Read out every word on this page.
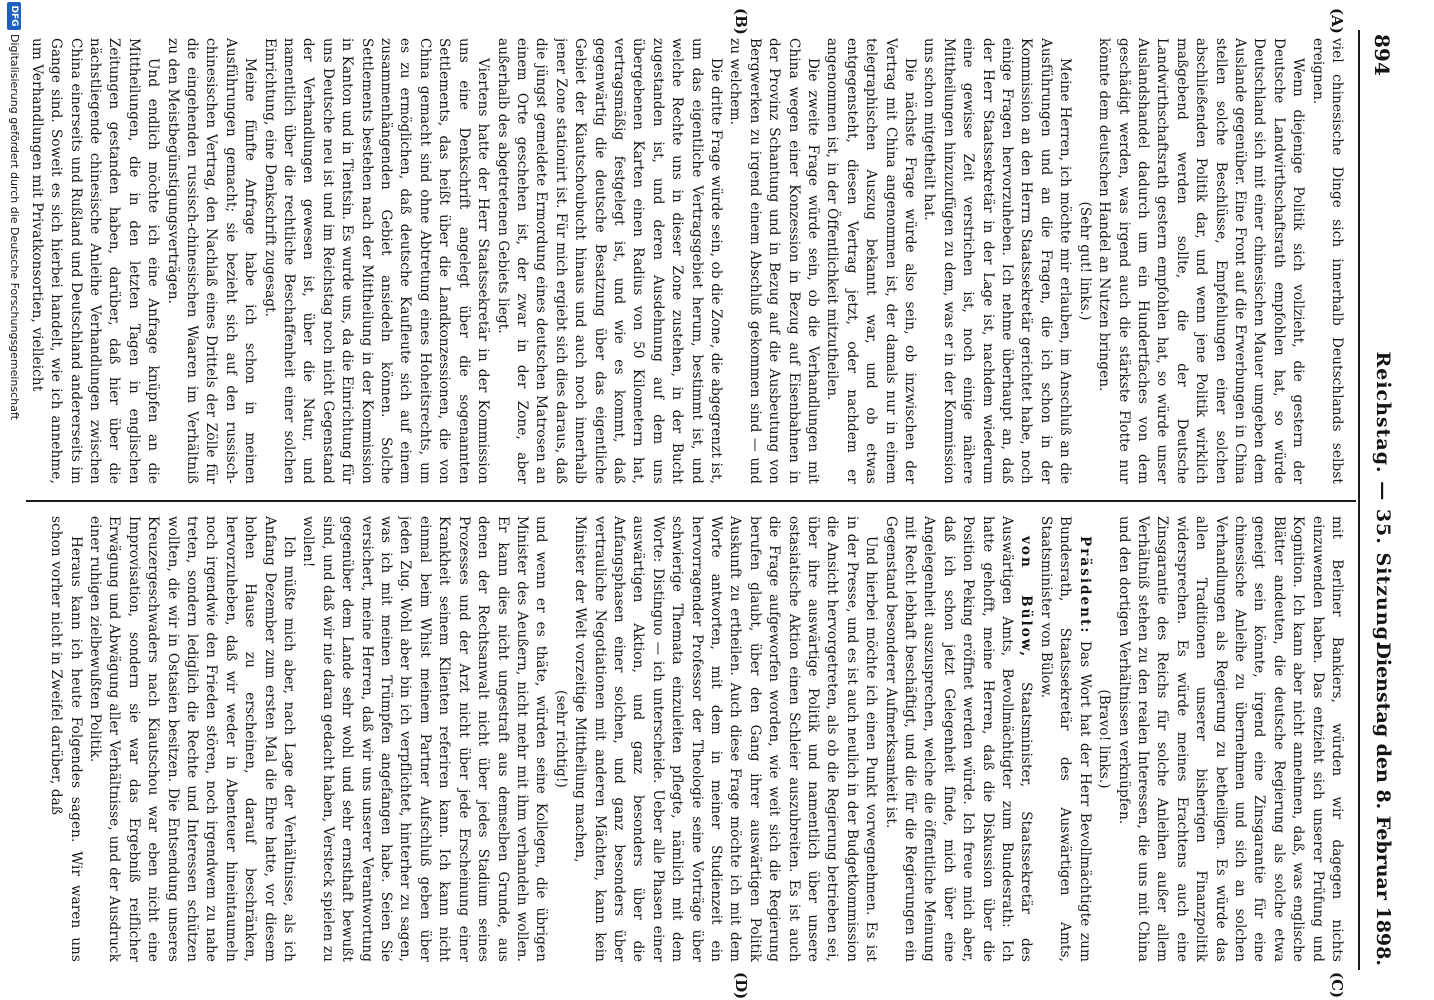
894
Reichstag. — 35. Sitzung.
Dienstag den 8. Februar 1898.
(A)
(B)
(C)
(D)

viel chinesische Dinge sich innerhalb Deutschlands selbst ereignen.

Wenn diejenige Politik sich vollzieht, die gestern der Deutsche Landwirthschaftsrath empfohlen hat, so würde Deutschland sich mit einer chinesischen Mauer umgeben dem Auslande gegenüber. Eine Front auf die Erwerbungen in China stellen solche Beschlüsse, Empfehlungen einer solchen abschließenden Politik dar, und wenn jene Politik wirklich maßgebend werden sollte, die der Deutsche Landwirthschaftsrath gestern empfohlen hat, so würde unser Auslandshandel dadurch um ein Hundertfaches von dem geschädigt werden, was irgend auch die stärkste Flotte nur könnte dem deutschen Handel an Nutzen bringen.

(Sehr gut! links.)

Meine Herren, ich möchte mir erlauben, im Anschluß an die Ausführungen und an die Fragen, die ich schon in der Kommission an den Herrn Staatssekretär gerichtet habe, noch einige Fragen hervorzuheben. Ich nehme überhaupt an, daß der Herr Staatssekretär in der Lage ist, nachdem wiederum eine gewisse Zeit verstrichen ist, noch einige nähere Mittheilungen hinzuzufügen zu dem, was er in der Kommission uns schon mitgetheilt hat.

Die nächste Frage würde also sein, ob inzwischen der Vertrag mit China angenommen ist, der damals nur in einem telegraphischen Auszug bekannt war, und ob etwas entgegensteht, diesen Vertrag jetzt, oder nachdem er angenommen ist, in der Öffentlichkeit mitzutheilen.

Die zweite Frage würde sein, ob die Verhandlungen mit China wegen einer Konzession in Bezug auf Eisenbahnen in der Provinz Schantung und in Bezug auf die Ausbeutung von Bergwerken zu irgend einem Abschluß gekommen sind — und zu welchem.

Die dritte Frage würde sein, ob die Zone, die abgegrenzt ist, um das eigentliche Vertragsgebiet herum, bestimmt ist, und welche Rechte uns in dieser Zone zustehen, in der Bucht zugestanden ist, und deren Ausdehnung auf dem uns übergebenen Karten einen Radius von 50 Kilometern hat, vertragsmäßig festgelegt ist, und wie es kommt, daß gegenwärtig die deutsche Besatzung über das eigentliche Gebiet der Kiautschoubucht hinaus und auch noch innerhalb jener Zone stationirt ist. Für mich ergiebt sich dies daraus, daß die jüngst gemeldete Ermordung eines deutschen Matrosen an einem Orte geschehen ist, der zwar in der Zone, aber außerhalb des abgetretenen Gebiets liegt.

Viertens hatte der Herr Staatssekretär in der Kommission uns eine Denkschrift angelegt über die sogenannten Settlements, das heißt über die Landkonzessionen, die von China gemacht sind ohne Abtretung eines Hoheitsrechts, um es zu ermöglichen, daß deutsche Kaufleute sich auf einem zusammenhängenden Gebiet ansiedeln können. Solche Settlements bestehen nach der Mittheilung in der Kommission in Kanton und in Tientsin. Es wurde uns, da die Einrichtung für uns Deutsche neu ist und im Reichstag noch nicht Gegenstand der Verhandlungen gewesen ist, über die Natur, und namentlich über die rechtliche Beschaffenheit einer solchen Einrichtung, eine Denkschrift zugesagt.

Meine fünfte Anfrage habe ich schon in meinen Ausführungen gemacht; sie bezieht sich auf den russisch-chinesischen Vertrag, den Nachlaß eines Drittels der Zölle für die eingehenden russisch-chinesischen Waaren im Verhältniß zu den Meistbegünstigungsverträgen.

Und endlich möchte ich eine Anfrage knüpfen an die Mittheilungen, die in den letzten Tagen in englischen Zeitungen gestanden haben, darüber, daß hier über die nächstliegende chinesische Anleihe Verhandlungen zwischen China einerseits und Rußland und Deutschland andererseits im Gange sind. Soweit es sich hierbei handelt, wie ich annehme, um Verhandlungen mit Privatkonsortien, vielleicht

mit Berliner Bankiers, würden wir dagegen nichts einzuwenden haben. Das entzieht sich unserer Prüfung und Kognition. Ich kann aber nicht annehmen, daß, was englische Blätter andeuten, die deutsche Regierung als solche etwa geneigt sein könnte, irgend eine Zinsgarantie für eine chinesische Anleihe zu übernehmen und sich an solchen Verhandlungen als Regierung zu betheiligen. Es würde das allen Traditionen unserer bisherigen Finanzpolitik widersprechen. Es würde meines Erachtens auch eine Zinsgarantie des Reichs für solche Anleihen außer allem Verhältniß stehen zu den realen Interessen, die uns mit China und den dortigen Verhältnissen verknüpfen.

(Bravo! links.)

Präsident: Das Wort hat der Herr Bevollmächtigte zum Bundesrath, Staatssekretär des Auswärtigen Amts, Staatsminister von Bülow.

von Bülow, Staatsminister, Staatssekretär des Auswärtigen Amts, Bevollmächtigter zum Bundesrath: Ich hatte gehofft, meine Herren, daß die Diskussion über die Position Peking eröffnet werden würde. Ich freue mich aber, daß ich schon jetzt Gelegenheit finde, mich über eine Angelegenheit auszusprechen, welche die öffentliche Meinung mit Recht lebhaft beschäftigt, und die für die Regierungen ein Gegenstand besonderer Aufmerksamkeit ist.

Und hierbei möchte ich einen Punkt vorwegnehmen. Es ist in der Presse, und es ist auch neulich in der Budgetkommission die Ansicht hervorgetreten, als ob die Regierung betrieben sei, über ihre auswärtige Politik und namentlich über unsere ostasiatische Aktion einen Schleier auszubreiten. Es ist auch die Frage aufgeworfen worden, wie weit sich die Regierung berufen glaubt, über den Gang ihrer auswärtigen Politik Auskunft zu ertheilen. Auch diese Frage möchte ich mit dem Worte antworten, mit dem in meiner Studienzeit ein hervorragender Professor der Theologie seine Vorträge über schwierige Themata einzuleiten pflegte, nämlich mit dem Worte: Distinguo — ich unterscheide. Ueber alle Phasen einer auswärtigen Aktion, und ganz besonders über die Anfangsphasen einer solchen, und ganz besonders über vertrauliche Negotiationen mit anderen Mächten, kann kein Minister der Welt vorzeitige Mittheilung machen,

(sehr richtig!)

und wenn er es thäte, würden seine Kollegen, die übrigen Minister des Aeußern, nicht mehr mit ihm verhandeln wollen. Er kann dies nicht ungestraft aus demselben Grunde, aus denen der Rechtsanwalt nicht über jedes Stadium seines Prozesses und der Arzt nicht über jede Erscheinung einer Krankheit seinem Klienten referiren kann. Ich kann nicht einmal beim Whist meinem Partner Aufschluß geben über jeden Zug. Wohl aber bin ich verpflichtet, hinterher zu sagen, was ich mit meinen Trümpfen angefangen habe. Seien Sie versichert, meine Herren, daß wir uns unserer Verantwortung gegenüber dem Lande sehr wohl und sehr ernsthaft bewußt sind, und daß wir nie daran gedacht haben, Versteck spielen zu wollen!

Ich müßte mich aber, nach Lage der Verhältnisse, als ich Anfang Dezember zum ersten Mal die Ehre hatte, vor diesem hohen Hause zu erscheinen, darauf beschränken, hervorzuheben, daß wir weder in Abenteuer hineintaumeln noch irgendwie den Frieden stören, noch irgendwem zu nahe treten, sondern lediglich die Rechte und Interessen schützen wollten, die wir in Ostasien besitzen. Die Entsendung unseres Kreuzergeschwaders nach Kiautschou war eben nicht eine Improvisation, sondern sie war das Ergebniß reiflicher Erwägung und Abwägung aller Verhältnisse, und der Ausdruck einer ruhigen zielbewußten Politik.

Heraus kann ich heute Folgendes sagen. Wir waren uns schon vorher nicht in Zweifel darüber, daß

DFG
Digitalisierung gefördert durch die Deutsche Forschungsgemeinschaft
